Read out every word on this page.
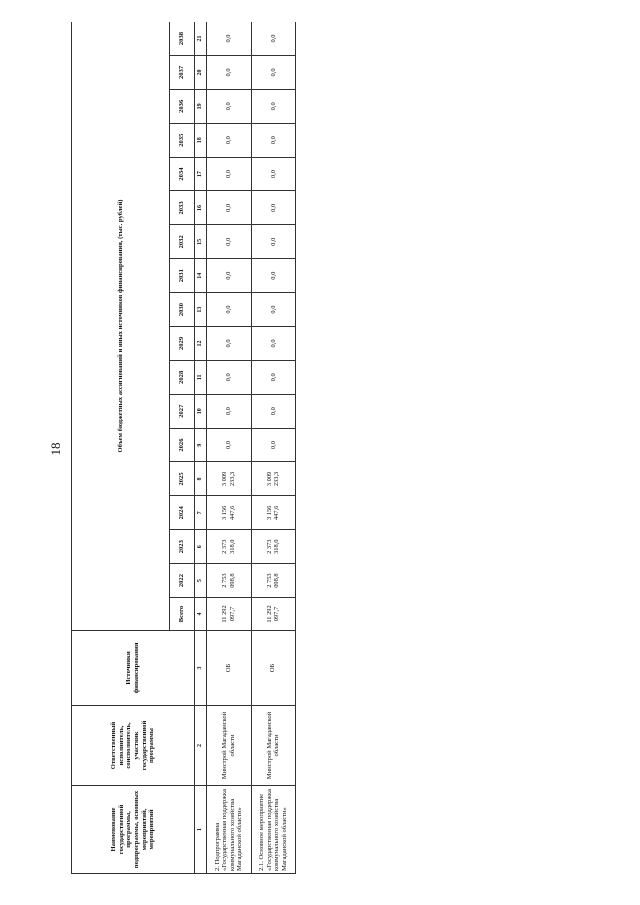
18
Наименование государственной программы, подпрограммы, основных мероприятий, мероприятий	Ответственный исполнитель, соисполнитель, участник государственной программы	Источники финансирования	Объем бюджетных ассигнований и иных источников финансирования, (тыс. рублей)																	
			Всего	2022	2023	2024	2025	2026	2027	2028	2029	2030	2031	2032	2033	2034	2035	2036	2037	2038
1	2	3	4	5	6	7	8	9	10	11	12	13	14	15	16	17	18	19	20	21
2. Подпрограмма «Государственная поддержка коммунального хозяйства Магаданской области»	Минстрой Магаданской области	ОБ	11 292 097,7	2 753 098,8	2 373 318,0	3 156 447,6	3 009 233,3	0,0	0,0	0,0	0,0	0,0	0,0	0,0	0,0	0,0	0,0	0,0	0,0	0,0
2.1. Основное мероприятие «Государственная поддержка коммунального хозяйства Магаданской области»	Минстрой Магаданской области	ОБ	11 292 097,7	2 753 098,8	2 373 318,0	3 156 447,6	3 009 233,3	0,0	0,0	0,0	0,0	0,0	0,0	0,0	0,0	0,0	0,0	0,0	0,0	0,0
